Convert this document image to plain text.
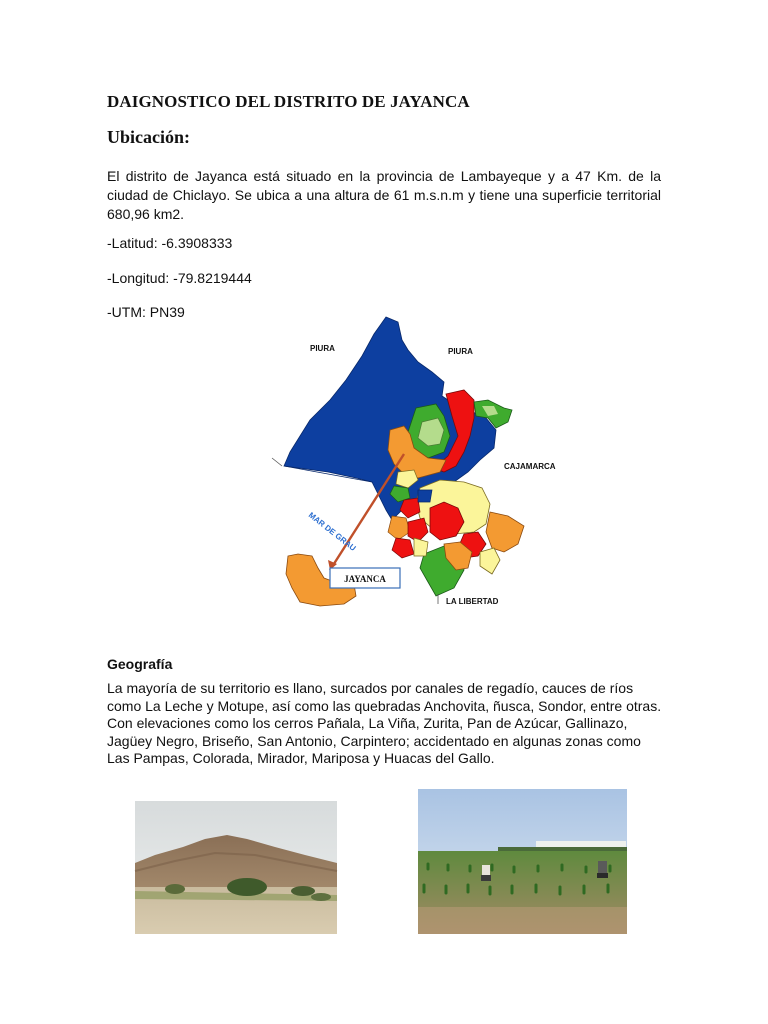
DAIGNOSTICO DEL DISTRITO DE JAYANCA
Ubicación:

El distrito de Jayanca está situado en la provincia de Lambayeque y a 47 Km. de la ciudad de Chiclayo. Se ubica a una altura de 61 m.s.n.m y tiene una superficie territorial 680,96 km2.

-Latitud: -6.3908333
-Longitud: -79.8219444
-UTM: PN39
PIURA	PIURA
CAJAMARCA
LA LIBERTAD
MAR DE GRAU
JAYANCA
Geografía

La mayoría de su territorio es llano, surcados por canales de regadío, cauces de ríos como La Leche y Motupe, así como las quebradas Anchovita, ñusca, Sondor, entre otras. Con elevaciones como los cerros Pañala, La Viña, Zurita, Pan de Azúcar, Gallinazo, Jagüey Negro, Briseño, San Antonio, Carpintero; accidentado en algunas zonas como Las Pampas, Colorada, Mirador, Mariposa y Huacas del Gallo.
